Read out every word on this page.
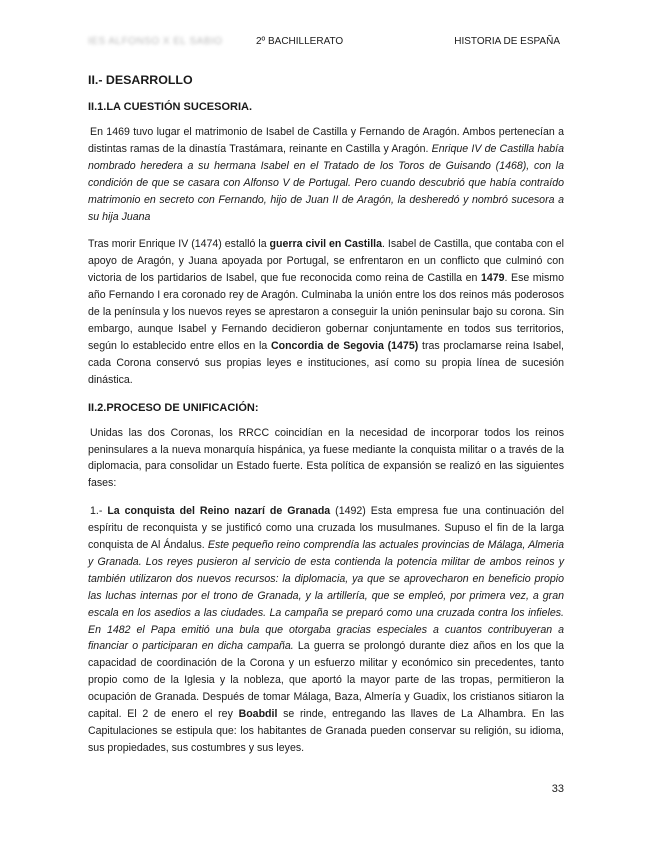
IES ALFONSO X EL SABIO	2º BACHILLERATO	HISTORIA DE ESPAÑA
II.- DESARROLLO
II.1.LA CUESTIÓN SUCESORIA.

En 1469 tuvo lugar el matrimonio de Isabel de Castilla y Fernando de Aragón. Ambos pertenecían a distintas ramas de la dinastía Trastámara, reinante en Castilla y Aragón. Enrique IV de Castilla había nombrado heredera a su hermana Isabel en el Tratado de los Toros de Guisando (1468), con la condición de que se casara con Alfonso V de Portugal. Pero cuando descubrió que había contraído matrimonio en secreto con Fernando, hijo de Juan II de Aragón, la desheredó y nombró sucesora a su hija Juana

Tras morir Enrique IV (1474) estalló la guerra civil en Castilla. Isabel de Castilla, que contaba con el apoyo de Aragón, y Juana apoyada por Portugal, se enfrentaron en un conflicto que culminó con victoria de los partidarios de Isabel, que fue reconocida como reina de Castilla en 1479. Ese mismo año Fernando I era coronado rey de Aragón. Culminaba la unión entre los dos reinos más poderosos de la península y los nuevos reyes se aprestaron a conseguir la unión peninsular bajo su corona. Sin embargo, aunque Isabel y Fernando decidieron gobernar conjuntamente en todos sus territorios, según lo establecido entre ellos en la Concordia de Segovia (1475) tras proclamarse reina Isabel, cada Corona conservó sus propias leyes e instituciones, así como su propia línea de sucesión dinástica.

II.2.PROCESO DE UNIFICACIÓN:

Unidas las dos Coronas, los RRCC coincidían en la necesidad de incorporar todos los reinos peninsulares a la nueva monarquía hispánica, ya fuese mediante la conquista militar o a través de la diplomacia, para consolidar un Estado fuerte. Esta política de expansión se realizó en las siguientes fases:

1.- La conquista del Reino nazarí de Granada (1492) Esta empresa fue una continuación del espíritu de reconquista y se justificó como una cruzada los musulmanes. Supuso el fin de la larga conquista de Al Ándalus. Este pequeño reino comprendía las actuales provincias de Málaga, Almeria y Granada. Los reyes pusieron al servicio de esta contienda la potencia militar de ambos reinos y también utilizaron dos nuevos recursos: la diplomacia, ya que se aprovecharon en beneficio propio las luchas internas por el trono de Granada, y la artillería, que se empleó, por primera vez, a gran escala en los asedios a las ciudades. La campaña se preparó como una cruzada contra los infieles. En 1482 el Papa emitió una bula que otorgaba gracias especiales a cuantos contribuyeran a financiar o participaran en dicha campaña. La guerra se prolongó durante diez años en los que la capacidad de coordinación de la Corona y un esfuerzo militar y económico sin precedentes, tanto propio como de la Iglesia y la nobleza, que aportó la mayor parte de las tropas, permitieron la ocupación de Granada. Después de tomar Málaga, Baza, Almería y Guadix, los cristianos sitiaron la capital. El 2 de enero el rey Boabdil se rinde, entregando las llaves de La Alhambra. En las Capitulaciones se estipula que: los habitantes de Granada pueden conservar su religión, su idioma, sus propiedades, sus costumbres y sus leyes.

33
